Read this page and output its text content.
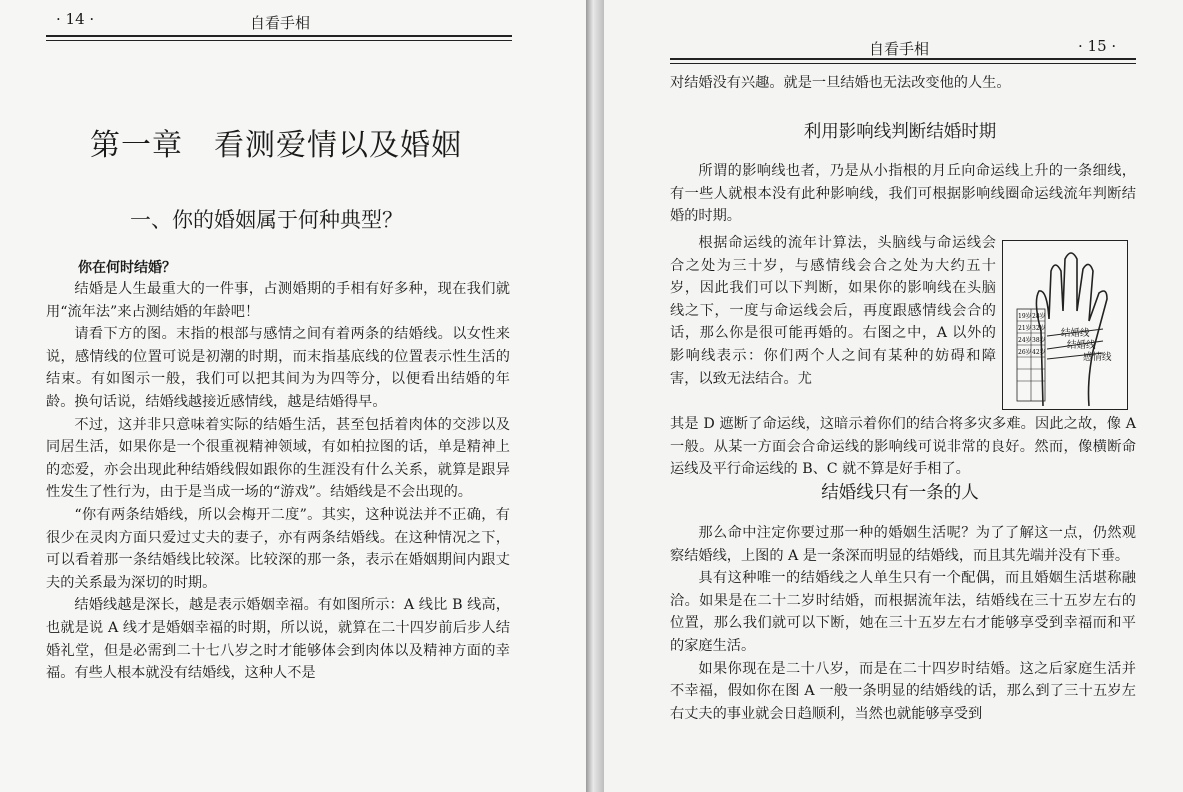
· 14 ·	自看手相
第一章　看测爱情以及婚姻
一、你的婚姻属于何种典型？
你在何时结婚？

结婚是人生最重大的一件事，占测婚期的手相有好多种，现在我们就用“流年法”来占测结婚的年龄吧！

请看下方的图。末指的根部与感情之间有着两条的结婚线。以女性来说，感情线的位置可说是初潮的时期，而末指基底线的位置表示性生活的结束。有如图示一般，我们可以把其间为为四等分，以便看出结婚的年龄。换句话说，结婚线越接近感情线，越是结婚得早。

不过，这并非只意味着实际的结婚生活，甚至包括着肉体的交涉以及同居生活，如果你是一个很重视精神领域，有如柏拉图的话，单是精神上的恋爱，亦会出现此种结婚线假如跟你的生涯没有什么关系，就算是跟异性发生了性行为，由于是当成一场的“游戏”。结婚线是不会出现的。

“你有两条结婚线，所以会梅开二度”。其实，这种说法并不正确，有很少在灵肉方面只爱过丈夫的妻子，亦有两条结婚线。在这种情况之下，可以看着那一条结婚线比较深。比较深的那一条，表示在婚姻期间内跟丈夫的关系最为深切的时期。

结婚线越是深长，越是表示婚姻幸福。有如图所示：A 线比 B 线高，也就是说 A 线才是婚姻幸福的时期，所以说，就算在二十四岁前后步人结婚礼堂，但是必需到二十七八岁之时才能够体会到肉体以及精神方面的幸福。有些人根本就没有结婚线，这种人不是

自看手相	· 15 ·

对结婚没有兴趣。就是一旦结婚也无法改变他的人生。

利用影响线判断结婚时期

所谓的影响线也者，乃是从小指根的月丘向命运线上升的一条细线，有一些人就根本没有此种影响线，我们可根据影响线圈命运线流年判断结婚的时期。

根据命运线的流年计算法，头脑线与命运线会合之处为三十岁，与感情线会合之处为大约五十岁，因此我们可以下判断，如果你的影响线在头脑线之下，一度与命运线会后，再度跟感情线会合的话，那么你是很可能再婚的。右图之中，A 以外的影响线表示：你们两个人之间有某种的妨碍和障害，以致无法结合。尤

19岁 28岁
21岁 32岁
24岁 38岁
26岁 42岁
结婚线
结婚线
感情线

其是 D 遮断了命运线，这暗示着你们的结合将多灾多难。因此之故，像 A 一般。从某一方面会合命运线的影响线可说非常的良好。然而，像横断命运线及平行命运线的 B、C 就不算是好手相了。

结婚线只有一条的人

那么命中注定你要过那一种的婚姻生活呢？为了了解这一点，仍然观察结婚线，上图的 A 是一条深而明显的结婚线，而且其先端并没有下垂。

具有这种唯一的结婚线之人单生只有一个配偶，而且婚姻生活堪称融洽。如果是在二十二岁时结婚，而根据流年法，结婚线在三十五岁左右的位置，那么我们就可以下断，她在三十五岁左右才能够享受到幸福而和平的家庭生活。

如果你现在是二十八岁，而是在二十四岁时结婚。这之后家庭生活并不幸福，假如你在图 A 一般一条明显的结婚线的话，那么到了三十五岁左右丈夫的事业就会日趋顺利，当然也就能够享受到
